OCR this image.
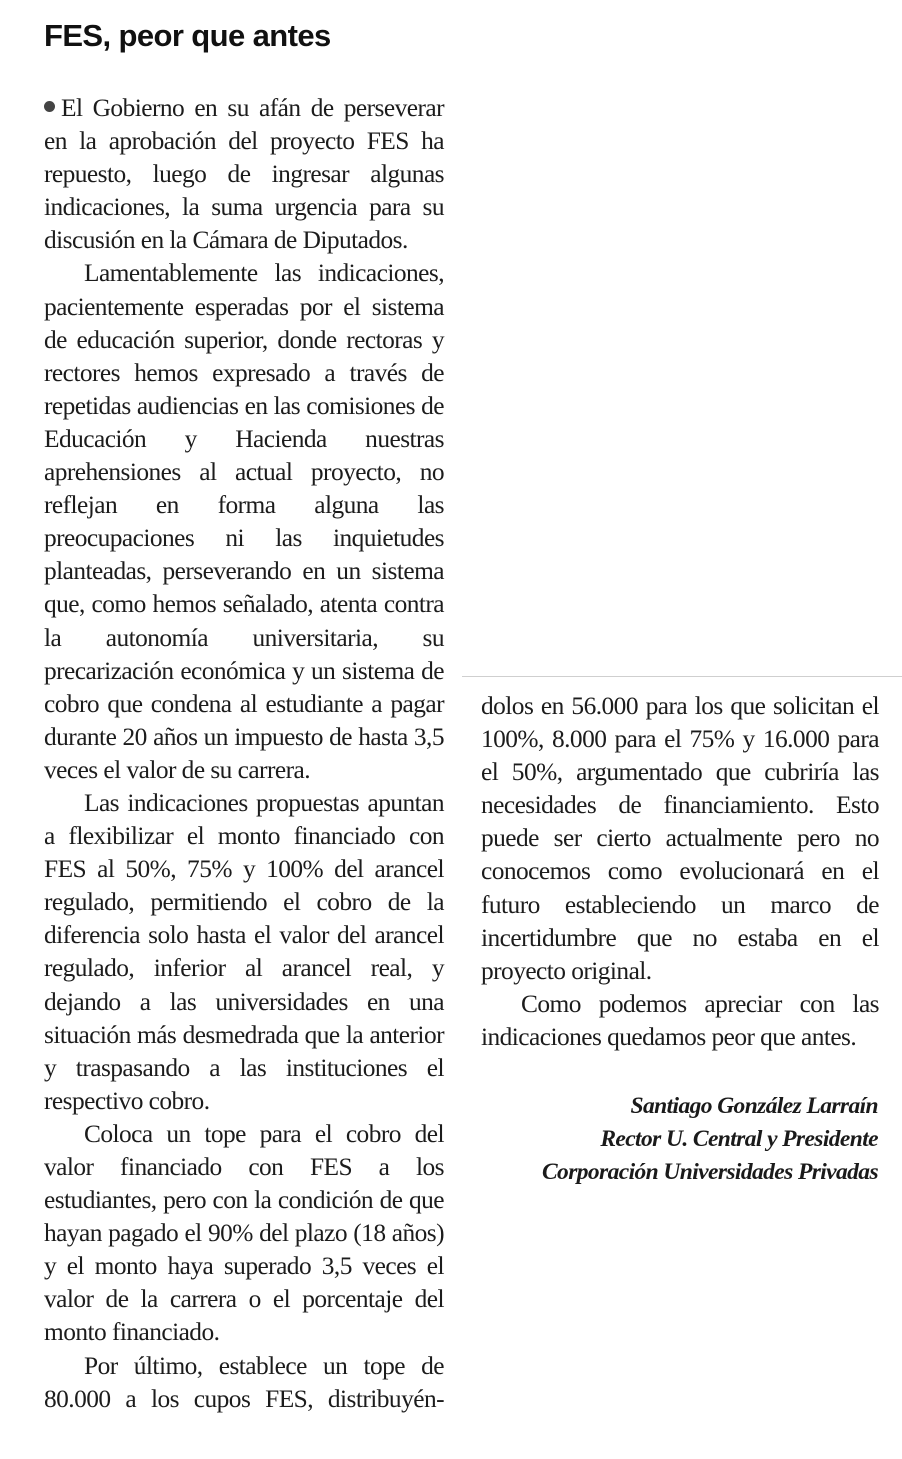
FES, peor que antes

El Gobierno en su afán de perseverar en la aprobación del proyecto FES ha repuesto, luego de ingresar algunas indicaciones, la suma urgencia para su discusión en la Cámara de Diputados.

Lamentablemente las indicaciones, pacientemente esperadas por el sistema de educación superior, donde rectoras y rectores hemos expresado a través de repetidas audiencias en las comisiones de Educación y Hacienda nuestras aprehensiones al actual proyecto, no reflejan en forma alguna las preocupaciones ni las inquietudes planteadas, perseverando en un sistema que, como hemos señalado, atenta contra la autonomía universitaria, su precarización económica y un sistema de cobro que condena al estudiante a pagar durante 20 años un impuesto de hasta 3,5 veces el valor de su carrera.

Las indicaciones propuestas apuntan a flexibilizar el monto financiado con FES al 50%, 75% y 100% del arancel regulado, permitiendo el cobro de la diferencia solo hasta el valor del arancel regulado, inferior al arancel real, y dejando a las universidades en una situación más desmedrada que la anterior y traspasando a las instituciones el respectivo cobro.

Coloca un tope para el cobro del valor financiado con FES a los estudiantes, pero con la condición de que hayan pagado el 90% del plazo (18 años) y el monto haya superado 3,5 veces el valor de la carrera o el porcentaje del monto financiado.

Por último, establece un tope de 80.000 a los cupos FES, distribuyén-

dolos en 56.000 para los que solicitan el 100%, 8.000 para el 75% y 16.000 para el 50%, argumentado que cubriría las necesidades de financiamiento. Esto puede ser cierto actualmente pero no conocemos como evolucionará en el futuro estableciendo un marco de incertidumbre que no estaba en el proyecto original.

Como podemos apreciar con las indicaciones quedamos peor que antes.

Santiago González Larraín
Rector U. Central y Presidente
Corporación Universidades Privadas
